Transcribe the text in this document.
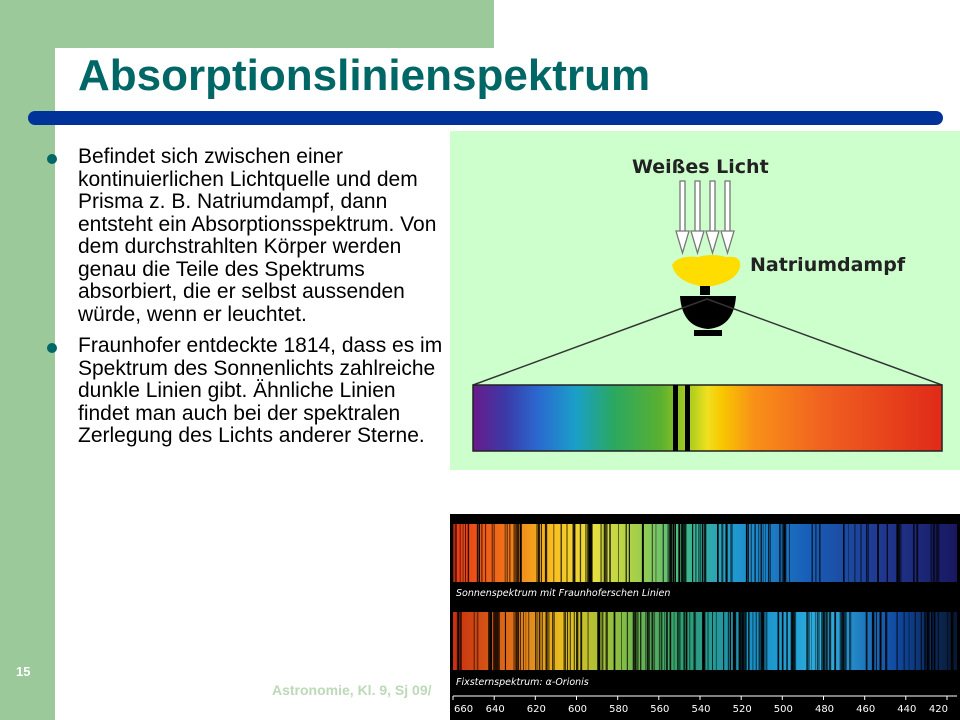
Absorptionslinienspektrum
Befindet sich zwischen einer kontinuierlichen Lichtquelle und dem Prisma z. B. Natriumdampf, dann entsteht ein Absorptionsspektrum. Von dem durchstrahlten Körper werden genau die Teile des Spektrums absorbiert, die er selbst aussenden würde, wenn er leuchtet.
Fraunhofer entdeckte 1814, dass es im Spektrum des Sonnenlichts zahlreiche dunkle Linien gibt. Ähnliche Linien findet man auch bei der spektralen Zerlegung des Lichts anderer Sterne.
Weißes Licht
Natriumdampf
Sonnenspektrum mit Fraunhoferschen Linien
Fixsternspektrum: α-Orionis
660 640 620 600 580 560 540 520 500 480 460 440 420
15
Astronomie, Kl. 9, Sj 09/
